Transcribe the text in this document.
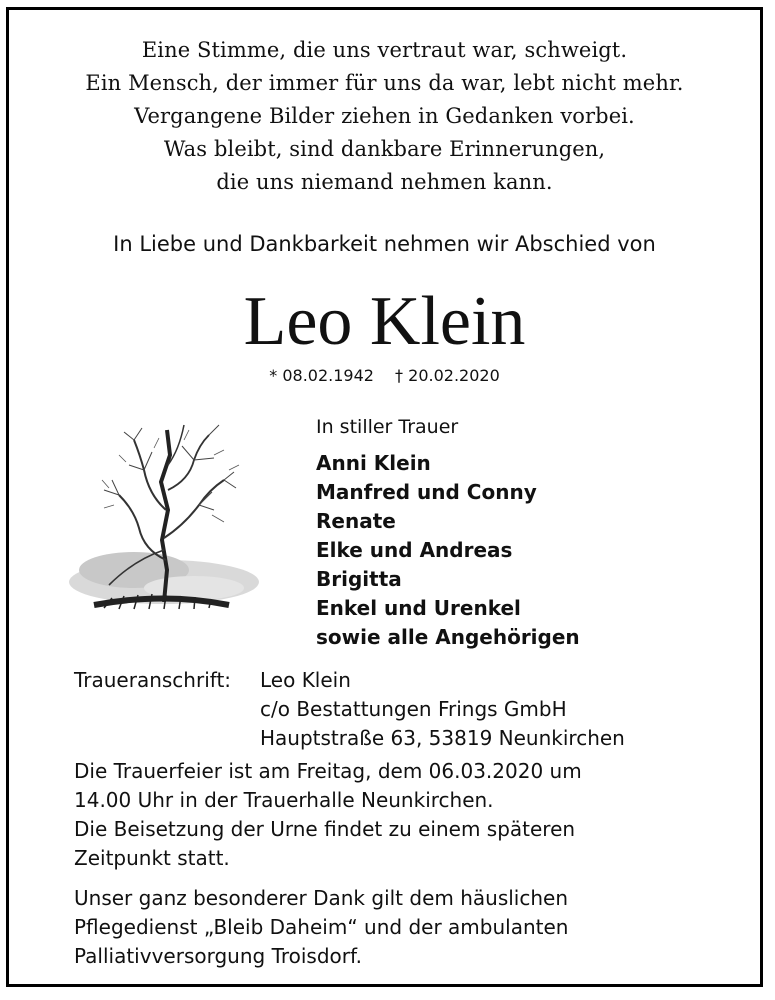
Eine Stimme, die uns vertraut war, schweigt.
Ein Mensch, der immer für uns da war, lebt nicht mehr.
Vergangene Bilder ziehen in Gedanken vorbei.
Was bleibt, sind dankbare Erinnerungen,
die uns niemand nehmen kann.
In Liebe und Dankbarkeit nehmen wir Abschied von
Leo Klein
* 08.02.1942 † 20.02.2020
In stiller Trauer
Anni Klein
Manfred und Conny
Renate
Elke und Andreas
Brigitta
Enkel und Urenkel
sowie alle Angehörigen
Traueranschrift: Leo Klein
c/o Bestattungen Frings GmbH
Hauptstraße 63, 53819 Neunkirchen
Die Trauerfeier ist am Freitag, dem 06.03.2020 um
14.00 Uhr in der Trauerhalle Neunkirchen.
Die Beisetzung der Urne findet zu einem späteren
Zeitpunkt statt.
Unser ganz besonderer Dank gilt dem häuslichen
Pflegedienst „Bleib Daheim“ und der ambulanten
Palliativversorgung Troisdorf.
